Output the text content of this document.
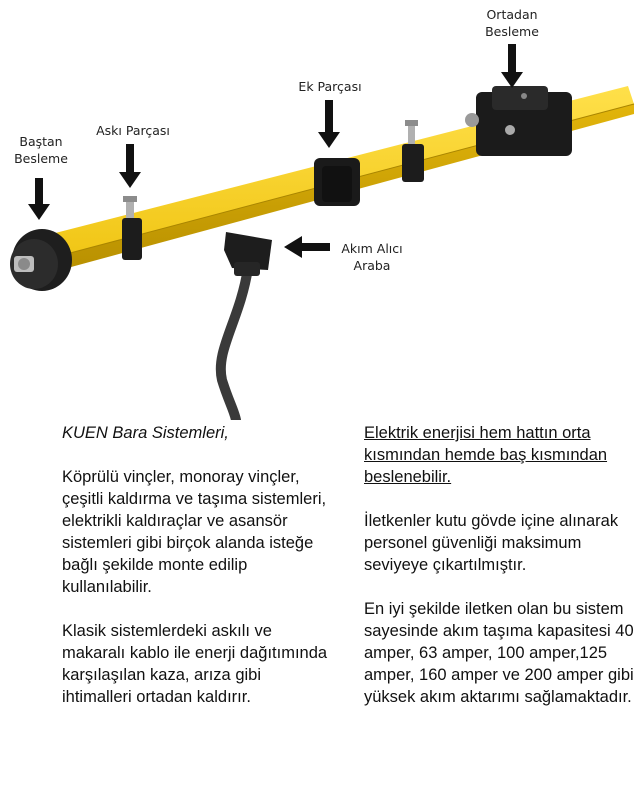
Baştan
Besleme
Askı Parçası
Ek Parçası
Ortadan
Besleme
Akım Alıcı
Araba

KUEN Bara Sistemleri,

Köprülü vinçler, monoray vinçler, çeşitli kaldırma ve taşıma sistemleri, elektrikli kaldıraçlar ve asansör sistemleri gibi birçok alanda isteğe bağlı şekilde monte edilip kullanılabilir.

Klasik sistemlerdeki askılı ve makaralı kablo ile enerji dağıtımında karşılaşılan kaza, arıza gibi ihtimalleri ortadan kaldırır.

Elektrik enerjisi hem hattın orta kısmından hemde baş kısmından beslenebilir.

İletkenler kutu gövde içine alınarak personel güvenliği maksimum seviyeye çıkartılmıştır.

En iyi şekilde iletken olan bu sistem sayesinde akım taşıma kapasitesi 40 amper, 63 amper, 100 amper,125 amper, 160 amper ve 200 amper gibi yüksek akım aktarımı sağlamaktadır.
